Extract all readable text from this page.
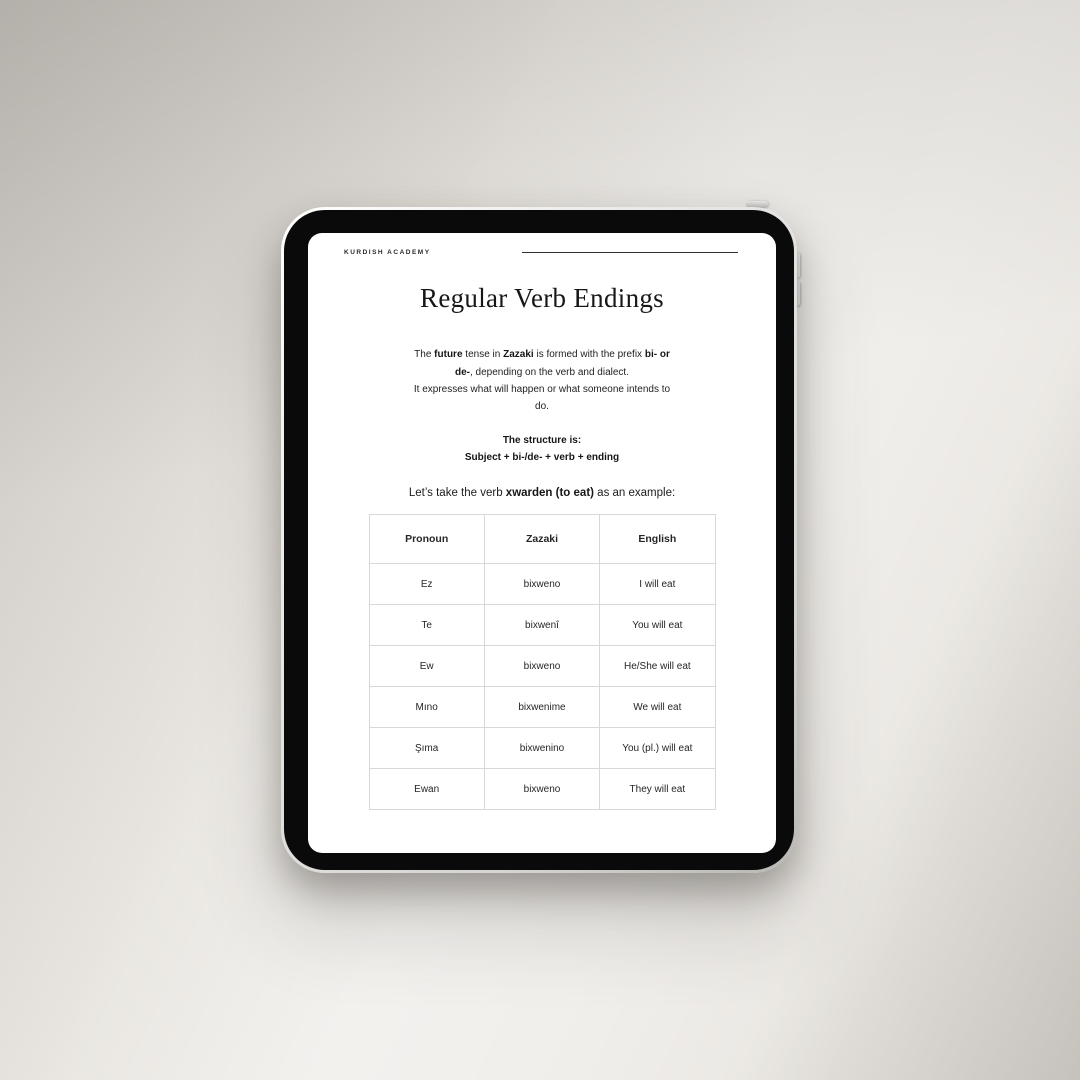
KURDISH ACADEMY
Regular Verb Endings
The future tense in Zazaki is formed with the prefix bi- or
de-, depending on the verb and dialect.
It expresses what will happen or what someone intends to
do.
The structure is:
Subject + bi-/de- + verb + ending
Let’s take the verb xwarden (to eat) as an example:
Pronoun	Zazaki	English
Ez	bixweno	I will eat
Te	bixwenî	You will eat
Ew	bixweno	He/She will eat
Mıno	bixwenime	We will eat
Şıma	bixwenino	You (pl.) will eat
Ewan	bixweno	They will eat
